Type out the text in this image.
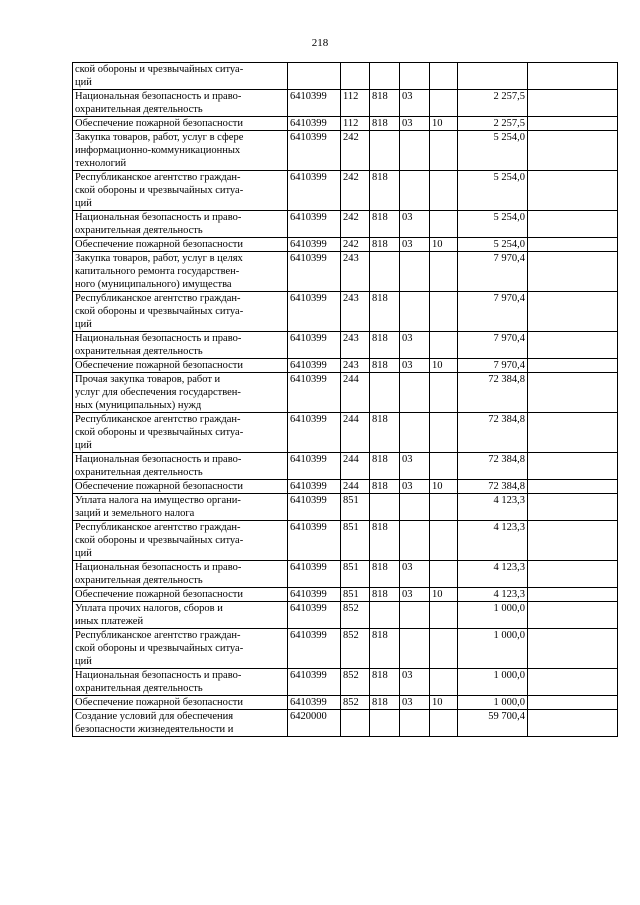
218
ской обороны и чрезвычайных ситуа-
ций							
Национальная безопасность и право-
охранительная деятельность	6410399	112	818	03		2 257,5	
Обеспечение пожарной безопасности	6410399	112	818	03	10	2 257,5	
Закупка товаров, работ, услуг в сфере
информационно-коммуникационных
технологий	6410399	242				5 254,0	
Республиканское агентство граждан-
ской обороны и чрезвычайных ситуа-
ций	6410399	242	818			5 254,0	
Национальная безопасность и право-
охранительная деятельность	6410399	242	818	03		5 254,0	
Обеспечение пожарной безопасности	6410399	242	818	03	10	5 254,0	
Закупка товаров, работ, услуг в целях
капитального ремонта государствен-
ного (муниципального) имущества	6410399	243				7 970,4	
Республиканское агентство граждан-
ской обороны и чрезвычайных ситуа-
ций	6410399	243	818			7 970,4	
Национальная безопасность и право-
охранительная деятельность	6410399	243	818	03		7 970,4	
Обеспечение пожарной безопасности	6410399	243	818	03	10	7 970,4	
Прочая закупка товаров, работ и
услуг для обеспечения государствен-
ных (муниципальных) нужд	6410399	244				72 384,8	
Республиканское агентство граждан-
ской обороны и чрезвычайных ситуа-
ций	6410399	244	818			72 384,8	
Национальная безопасность и право-
охранительная деятельность	6410399	244	818	03		72 384,8	
Обеспечение пожарной безопасности	6410399	244	818	03	10	72 384,8	
Уплата налога на имущество органи-
заций и земельного налога	6410399	851				4 123,3	
Республиканское агентство граждан-
ской обороны и чрезвычайных ситуа-
ций	6410399	851	818			4 123,3	
Национальная безопасность и право-
охранительная деятельность	6410399	851	818	03		4 123,3	
Обеспечение пожарной безопасности	6410399	851	818	03	10	4 123,3	
Уплата прочих налогов, сборов и
иных платежей	6410399	852				1 000,0	
Республиканское агентство граждан-
ской обороны и чрезвычайных ситуа-
ций	6410399	852	818			1 000,0	
Национальная безопасность и право-
охранительная деятельность	6410399	852	818	03		1 000,0	
Обеспечение пожарной безопасности	6410399	852	818	03	10	1 000,0	
Создание условий для обеспечения
безопасности жизнедеятельности и	6420000					59 700,4	
